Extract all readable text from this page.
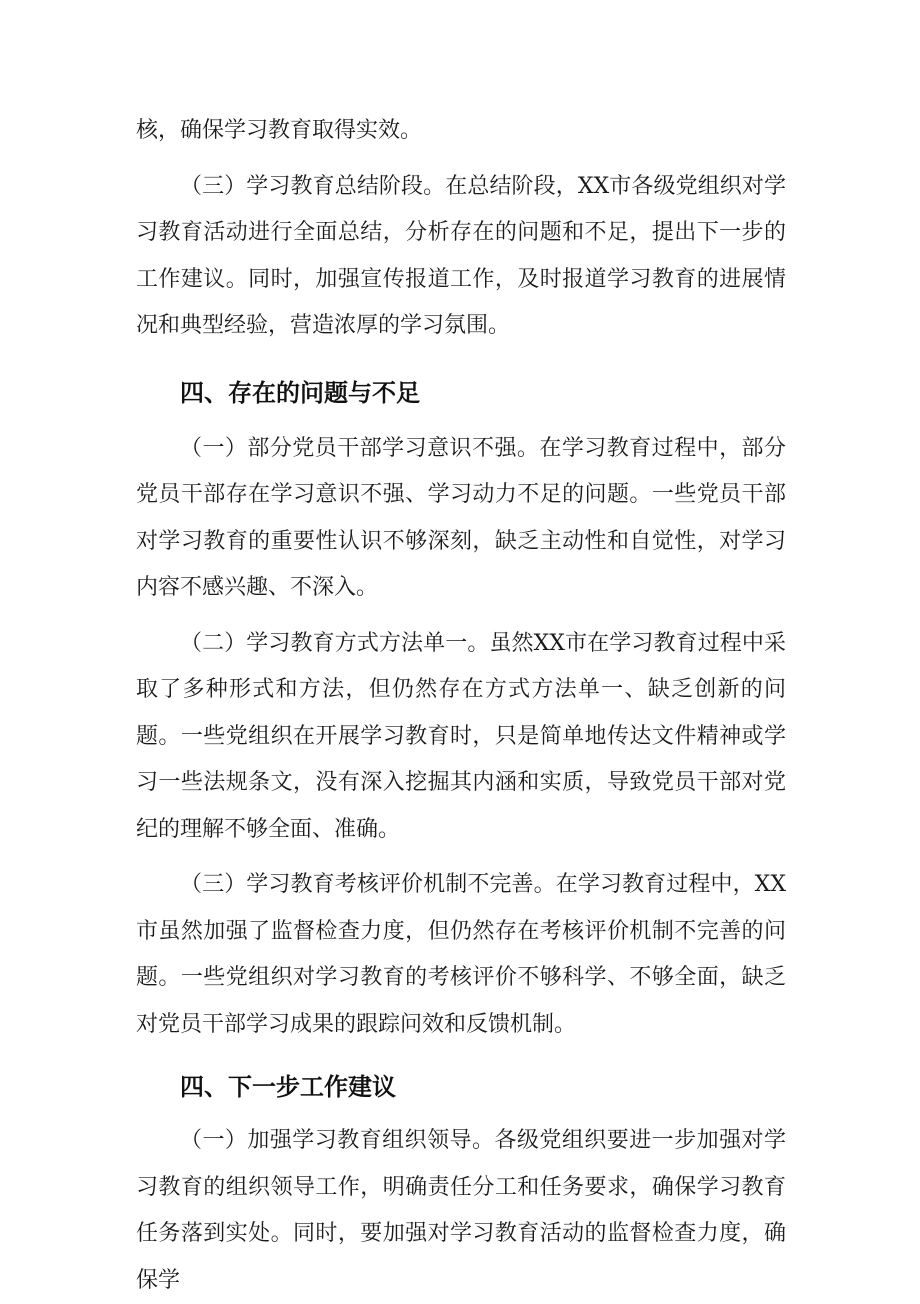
核，确保学习教育取得实效。

（三）学习教育总结阶段。在总结阶段，XX市各级党组织对学习教育活动进行全面总结，分析存在的问题和不足，提出下一步的工作建议。同时，加强宣传报道工作，及时报道学习教育的进展情况和典型经验，营造浓厚的学习氛围。

四、存在的问题与不足

（一）部分党员干部学习意识不强。在学习教育过程中，部分党员干部存在学习意识不强、学习动力不足的问题。一些党员干部对学习教育的重要性认识不够深刻，缺乏主动性和自觉性，对学习内容不感兴趣、不深入。

（二）学习教育方式方法单一。虽然XX市在学习教育过程中采取了多种形式和方法，但仍然存在方式方法单一、缺乏创新的问题。一些党组织在开展学习教育时，只是简单地传达文件精神或学习一些法规条文，没有深入挖掘其内涵和实质，导致党员干部对党纪的理解不够全面、准确。

（三）学习教育考核评价机制不完善。在学习教育过程中，XX市虽然加强了监督检查力度，但仍然存在考核评价机制不完善的问题。一些党组织对学习教育的考核评价不够科学、不够全面，缺乏对党员干部学习成果的跟踪问效和反馈机制。

四、下一步工作建议

（一）加强学习教育组织领导。各级党组织要进一步加强对学习教育的组织领导工作，明确责任分工和任务要求，确保学习教育任务落到实处。同时，要加强对学习教育活动的监督检查力度，确保学
